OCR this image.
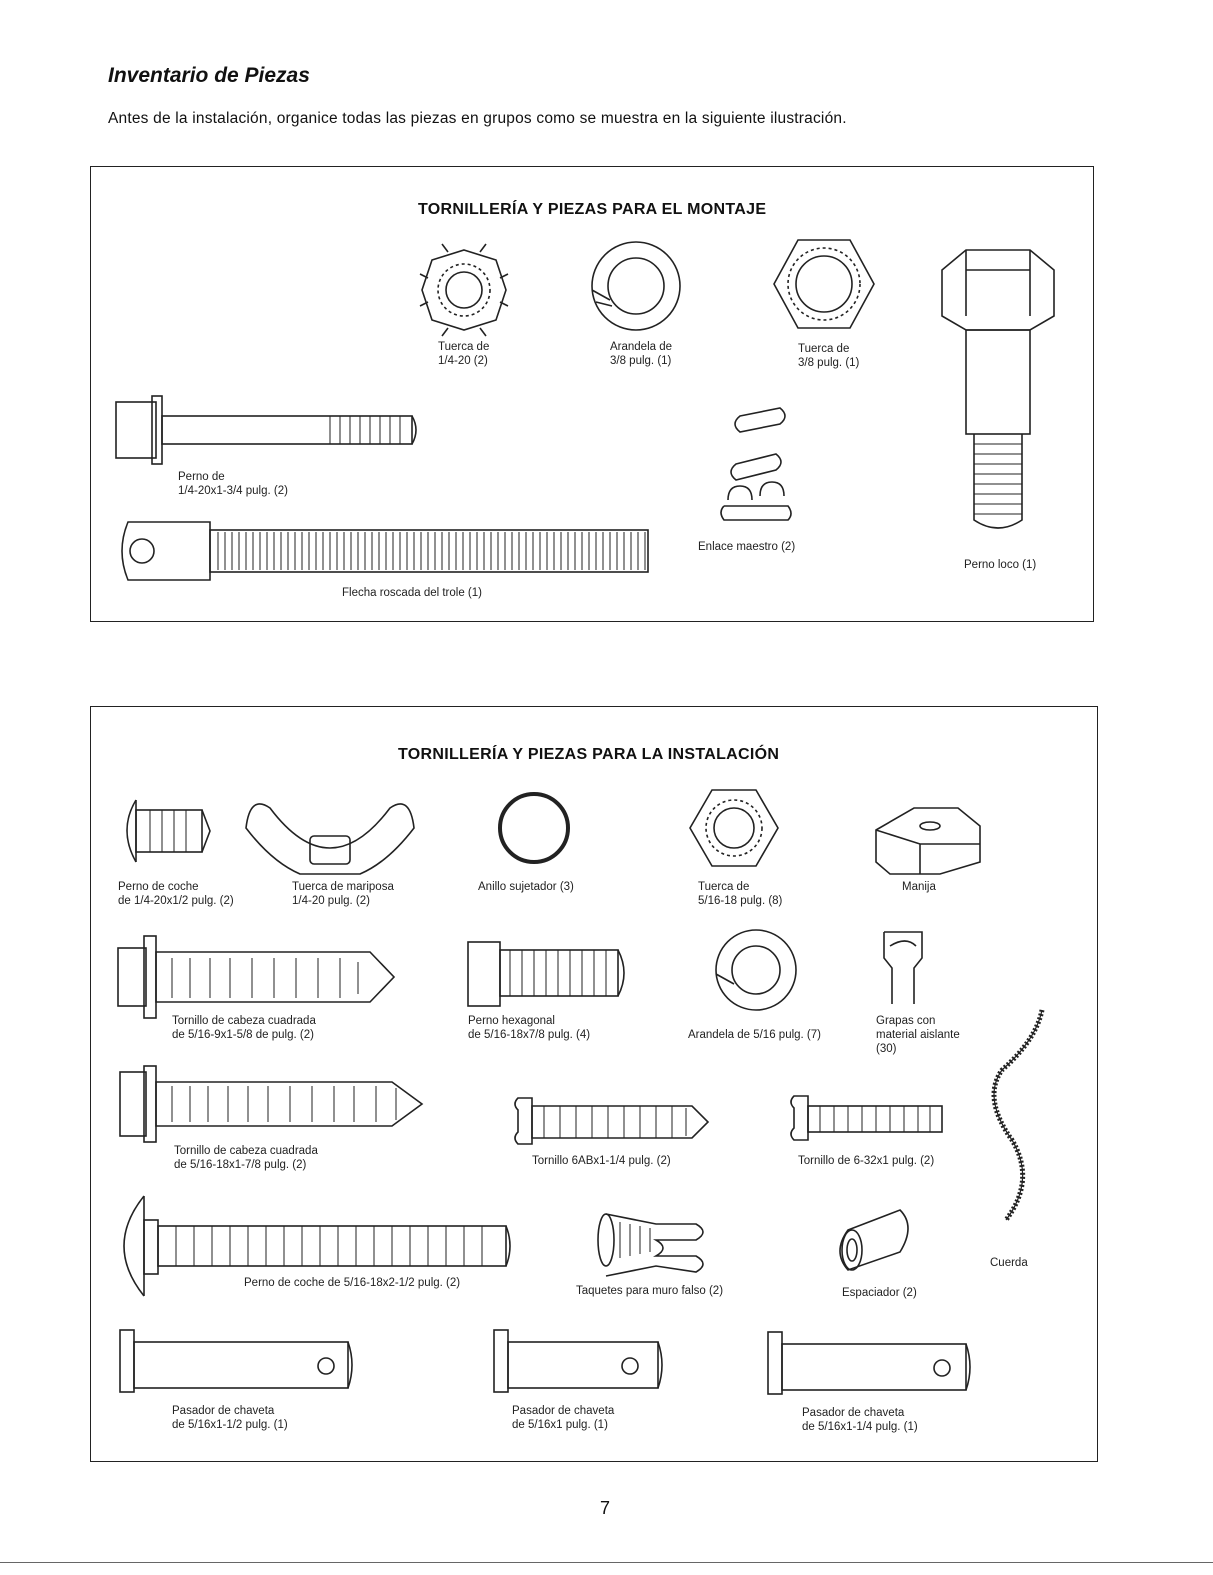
Inventario de Piezas
Antes de la instalación, organice todas las piezas en grupos como se muestra en la siguiente ilustración.
TORNILLERÍA Y PIEZAS PARA EL MONTAJE
Tuerca de
1/4-20 (2)
Arandela de
3/8 pulg. (1)
Tuerca de
3/8 pulg. (1)
Perno de
1/4-20x1-3/4 pulg. (2)
Flecha roscada del trole (1)
Enlace maestro (2)
Perno loco (1)
TORNILLERÍA Y PIEZAS PARA LA INSTALACIÓN
Perno de coche
de 1/4-20x1/2 pulg. (2)
Tuerca de mariposa
1/4-20 pulg. (2)
Anillo sujetador (3)	Tuerca de
5/16-18 pulg. (8)
Manija
Tornillo de cabeza cuadrada
de 5/16-9x1-5/8 de pulg. (2)
Perno hexagonal
de 5/16-18x7/8 pulg. (4)	Arandela de 5/16 pulg. (7)
Grapas con
material aislante
(30)
Tornillo de cabeza cuadrada
de 5/16-18x1-7/8 pulg. (2)	Tornillo 6ABx1-1/4 pulg. (2)	Tornillo de 6-32x1 pulg. (2)
Perno de coche de 5/16-18x2-1/2 pulg. (2)
Taquetes para muro falso (2)	Espaciador (2)
Cuerda
Pasador de chaveta
de 5/16x1-1/2 pulg. (1)
Pasador de chaveta
de 5/16x1 pulg. (1)
Pasador de chaveta
de 5/16x1-1/4 pulg. (1)
7
